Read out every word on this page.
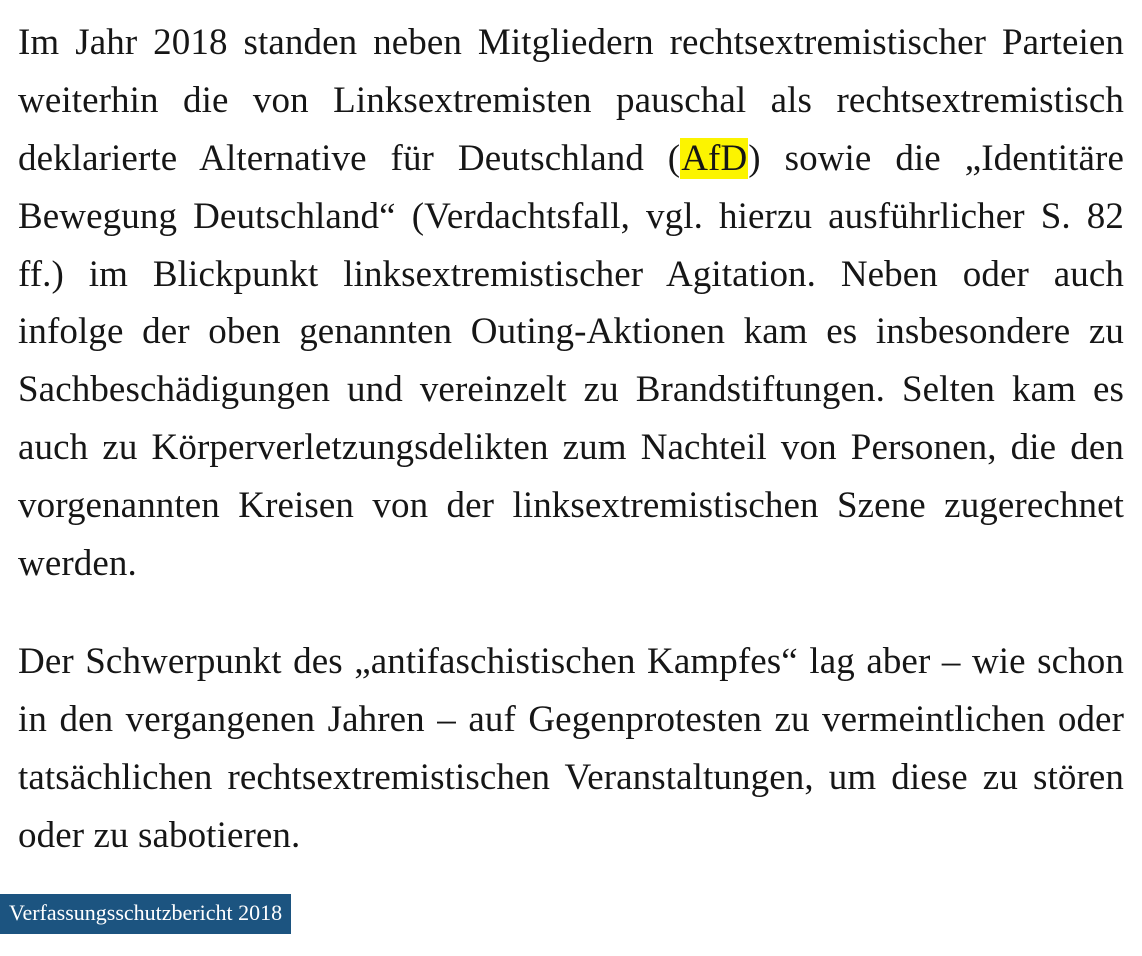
Im Jahr 2018 standen neben Mitgliedern rechtsextremistischer Parteien weiterhin die von Linksextremisten pauschal als rechtsextremistisch deklarierte Alternative für Deutschland (AfD) sowie die „Identitäre Bewegung Deutschland“ (Verdachtsfall, vgl. hierzu ausführlicher S. 82 ff.) im Blickpunkt linksextremistischer Agitation. Neben oder auch infolge der oben genannten Outing-Aktionen kam es insbesondere zu Sachbeschädigungen und vereinzelt zu Brandstiftungen. Selten kam es auch zu Körperverletzungsdelikten zum Nachteil von Personen, die den vorgenannten Kreisen von der linksextremistischen Szene zugerechnet werden.

Der Schwerpunkt des „antifaschistischen Kampfes“ lag aber – wie schon in den vergangenen Jahren – auf Gegenprotesten zu vermeintlichen oder tatsächlichen rechtsextremistischen Veranstaltungen, um diese zu stören oder zu sabotieren.

Verfassungsschutzbericht 2018
